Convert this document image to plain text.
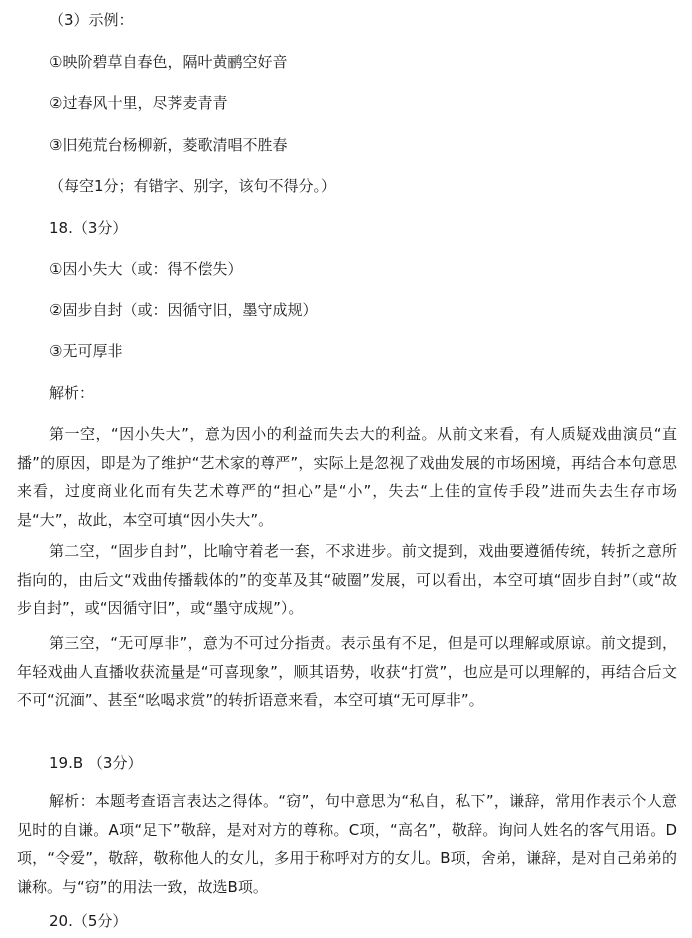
（3）示例：
①映阶碧草自春色，隔叶黄鹂空好音
②过春风十里，尽荠麦青青
③旧苑荒台杨柳新，菱歌清唱不胜春
（每空1分；有错字、别字，该句不得分。）
18.（3分）
①因小失大（或：得不偿失）
②固步自封（或：因循守旧，墨守成规）
③无可厚非
解析：

第一空，“因小失大”，意为因小的利益而失去大的利益。从前文来看，有人质疑戏曲演员“直播”的原因，即是为了维护“艺术家的尊严”，实际上是忽视了戏曲发展的市场困境，再结合本句意思来看，过度商业化而有失艺术尊严的“担心”是“小”，失去“上佳的宣传手段”进而失去生存市场是“大”，故此，本空可填“因小失大”。

第二空，“固步自封”，比喻守着老一套，不求进步。前文提到，戏曲要遵循传统，转折之意所指向的，由后文“戏曲传播载体的”的变革及其“破圈”发展，可以看出，本空可填“固步自封”（或“故步自封”，或“因循守旧”，或“墨守成规”）。

第三空，“无可厚非”，意为不可过分指责。表示虽有不足，但是可以理解或原谅。前文提到，年轻戏曲人直播收获流量是“可喜现象”，顺其语势，收获“打赏”，也应是可以理解的，再结合后文不可“沉湎”、甚至“吆喝求赏”的转折语意来看，本空可填“无可厚非”。

19.B （3分）

解析：本题考查语言表达之得体。“窃”，句中意思为“私自，私下”，谦辞，常用作表示个人意见时的自谦。A项“足下”敬辞，是对对方的尊称。C项，“高名”，敬辞。询问人姓名的客气用语。D项，“令爱”，敬辞，敬称他人的女儿，多用于称呼对方的女儿。B项，舍弟，谦辞，是对自己弟弟的谦称。与“窃”的用法一致，故选B项。

20.（5分）
